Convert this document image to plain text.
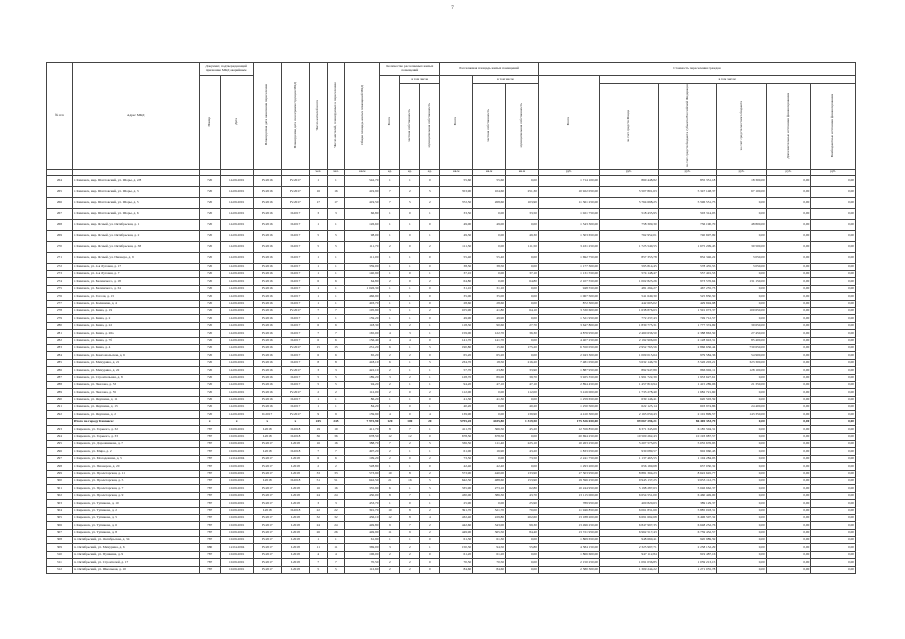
7
№ п/п	Адрес МКД	Документ, подтверждающий признание МКД аварийным		Планируемая дата окончания переселения	Планируемая дата сноса/реконструкции МКД	Число жителей всего	Число жителей, планируемых к переселению	Общая площадь жилых помещений МКД	Количество расселяемых жилых помещений			Расселяемая площадь жилых помещений			Стоимость переселения граждан					
		Номер	Дата						Всего	в том числе		Всего	в том числе		Всего	в том числе:				
										частная собственность	муниципальная собственность		частная собственность	муниципальная собственность		за счет средств Фонда	за счет средств бюджета субъекта Российской Федерации	за счет средств местного бюджета	Дополнительные источники финансирования	Внебюджетные источники финансирования
						чел.	чел.	кв.м	ед.	ед.	ед.	кв.м	кв.м	кв.м	руб.	руб.	руб.	руб.	руб.	руб.
264	г. Кимовск, мкр. Шахтовский, ул. Шоры, д. 2/8	720	14.09.2001	IV.2016	IV.2017	1	1	542,70	1	1	0	55,60	55,60	0,00	1 714 100,00	860 448,82	835 351,18	18 300,00	0,00	0,00
265	г. Кимовск, мкр. Шахтовский, ул. Шоры, д. 3	720	14.09.2001	IV.2016	IV.2017	16	16	419,90	7	2	5	353,90	104,60	251,30	10 922 050,00	5 507 801,63	5 347 148,37	67 100,00	0,00	0,00
266	г. Кимовск, мкр. Шахтовский, ул. Шоры, д. 5	720	14.09.2001	IV.2016	IV.2017	17	17	419,50	7	5	2	372,50	268,60	103,90	11 361 250,00	5 764 698,25	5 596 551,75	0,00	0,00	0,00
267	г. Кимовск, мкр. Шахтовский, ул. Шоры, д. 6	720	14.09.2001	IV.2016	II.2017	3	3	66,80	1	0	1	33,50	0,00	33,50	1 021 750,00	518 435,95	503 314,05	0,00	0,00	0,00
268	г. Кимовск, мкр. Ясный, ул. Октябрьская, д. 1	720	14.09.2001	IV.2016	II.2017	1	1	126,60	1	1	0	49,00	49,00	0,00	1 543 300,00	758 309,30	736 190,70	48 800,00	0,00	0,00
269	г. Кимовск, мкр. Ясный, ул. Октябрьская, д. 2	720	14.09.2001	IV.2016	II.2017	5	5	98,00	1	0	1	49,30	0,00	49,30	1 503 650,00	762 952,01	740 697,99	0,00	0,00	0,00
270	г. Кимовск, мкр. Ясный, ул. Октябрьская, д. 38	720	14.09.2001	IV.2016	II.2017	5	5	111,70	2	0	2	111,50	0,00	111,50	3 431 250,00	1 725 540,55	1 675 209,45	30 500,00	0,00	0,00
271	г. Кимовск, мкр. Ясный, ул. Пионера, д. 9	720	14.09.2001	IV.2016	II.2017	1	1	111,00	1	1	0	55,40	55,40	0,00	1 692 750,00	857 353,78	832 346,22	3 050,00	0,00	0,00
272	г. Кимовск, ул. 4-я Луговая, д. 17	720	14.09.2001	IV.2016	II.2017	1	1	359,00	1	1	0	38,50	38,50	0,00	1 177 300,00	595 814,45	578 435,55	3 050,00	0,00	0,00
273	г. Кимовск, ул. 4-я Луговая, д. 7	720	14.09.2001	IV.2016	II.2017	1	1	140,90	1	0	1	37,10	0,00	37,10	1 131 550,00	574 148,47	557 401,53	0,00	0,00	0,00
274	г. Кимовск, ул. Белинского, д. 18	720	14.09.2001	IV.2016	II.2017	6	6	64,80	2	0	2	64,80	0,00	64,80	2 107 550,00	1 002 823,26	973 576,64	131 150,00	0,00	0,00
275	г. Кимовск, ул. Белинского, д. 34	720	14.09.2001	IV.2016	II.2017	1	1	1 026,30	1	1	0	31,10	31,10	0,00	948 550,00	481 294,27	467 255,73	0,00	0,00	0,00
276	г. Кимовск, ул. Гоголя, д. 13	720	14.09.2001	IV.2016	II.2017	1	1	466,90	1	1	0	35,00	35,00	0,00	1 067 500,00	541 649,30	525 850,50	0,00	0,00	0,00
277	г. Кимовск, ул. Калинина, д. 4	720	14.09.2001	IV.2016	II.2017	1	1	403,70	1	1	0	28,60	28,60	0,00	872 300,00	442 605,02	429 694,98	0,00	0,00	0,00
278	г. Кимовск, ул. Кима, д. 19	720	14.09.2001	IV.2016	IV.2017	7	7	105,90	3	1	2	105,90	41,80	64,10	3 330 600,00	1 638 876,63	1 591 073,37	100 650,00	0,00	0,00
279	г. Кимовск, ул. Кима, д. 2	720	14.09.2001	IV.2016	II.2017	1	1	159,20	1	1	0	49,90	49,90	0,00	1 521 950,00	772 237,43	749 712,57	0,00	0,00	0,00
280	г. Кимовск, ул. Кима, д. 22	720	14.09.2001	IV.2016	II.2017	6	6	118,30	3	2	1	118,30	90,60	27,70	3 647 800,00	1 830 775,31	1 777 374,69	39 650,00	0,00	0,00
281	г. Кимовск, ул. Кима, д. 26а	720	14.09.2001	IV.2016	II.2017	7	7	165,00	4	3	1	159,00	122,70	36,30	4 876 950,00	2 460 636,50	2 388 863,50	27 450,00	0,00	0,00
282	г. Кимовск, ул. Кима, д. 7б	720	14.09.2001	IV.2016	II.2017	6	6	156,40	4	4	0	141,70	141,70	0,00	4 407 250,00	2 192 906,69	2 128 943,31	85 400,00	0,00	0,00
283	г. Кимовск, ул. Кима, д. 4	720	14.09.2001	IV.2016	IV.2017	15	15	231,20	6	1	5	190,80	15,60	175,20	6 550 050,00	2 952 763,56	2 866 636,44	730 650,00	0,00	0,00
284	г. Кимовск, ул. Комсомольская, д. 6	720	14.09.2001	IV.2016	II.2017	6	6	65,20	2	2	0	65,20	65,20	0,00	2 043 300,00	1 009 015,64	979 584,36	54 900,00	0,00	0,00
285	г. Кимовск, ул. Мичурина, д. 21	720	14.09.2001	IV.2016	II.2017	8	8	418,10	6	1	5	234,70	18,50	216,20	7 481 050,00	3 632 146,79	3 526 203,21	323 300,00	0,00	0,00
286	г. Кимовск, ул. Мичурина, д. 22	720	14.09.2001	IV.2016	IV.2017	3	3	422,10	2	1	1	57,70	23,80	33,90	1 887 950,00	892 947,89	866 902,11	128 100,00	0,00	0,00
287	г. Кимовск, ул. Строительная, д. 8	720	14.09.2001	IV.2016	II.2017	5	5	189,20	3	2	1	128,70	89,00	39,70	3 925 350,00	1 991 722,39	1 933 627,61	0,00	0,00	0,00
288	г. Кимовск, ул. Чкалова, д. 53	720	14.09.2001	IV.2016	II.2017	5	5	94,20	2	1	1	94,20	47,10	47,10	2 894 450,00	1 457 810,94	1 415 289,06	21 350,00	0,00	0,00
289	г. Кимовск, ул. Чкалова, д. 55	720	14.09.2001	IV.2016	IV.2017	2	2	112,00	2	0	2	112,00	0,00	112,00	3 416 000,00	1 733 278,40	1 682 721,60	0,00	0,00	0,00
290	г. Кимовск, ул. Якушина, д. 11	720	14.09.2001	IV.2016	II.2017	1	1	86,20	1	1	0	41,30	41,30	0,00	1 259 650,00	639 146,41	620 503,59	0,00	0,00	0,00
291	г. Кимовск, ул. Якушина, д. 13	720	14.09.2001	IV.2016	II.2017	1	1	84,20	1	0	1	40,20	0,00	40,20	1 250 500,00	622 125,14	603 974,86	24 400,00	0,00	0,00
292	г. Кимовск, ул. Якушина, д. 2	720	14.09.2001	II.2017	IV.2017	9	9	139,90	4	0	4	139,90	0,00	139,90	4 410 300,00	2 163 050,43	2 101 899,57	143 350,00	0,00	0,00
	Итого по городу Кимовск:	x	x	x	x	245	245	7 972,90	120	100	20	5755,20	4435,80	1 319,50	175 526 650,00	89 067 296,21	86 469 353,79	0,00	0,00	0,00
293	г. Киреевск, ул. Горького, д. 32	787	10.09.2001	I.2018	II.2018	19	19	411,70	8	7	1	411,70	366,50	45,20	12 556 850,00	6 371 345,69	6 185 504,31	0,00	0,00	0,00
294	г. Киреевск, ул. Горького, д. 33	787	10.09.2001	I.2018	II.2018	36	36	678,50	12	12	0	678,50	678,50	0,00	20 694 250,00	10 500 262,43	10 193 987,57	0,00	0,00	0,00
295	г. Киреевск, ул. Дорожникова, д. 7	787	10.09.2001	IV.2017	I.2018	16	16	388,70	7	2	5	336,50	111,40	225,10	10 263 250,00	5 207 573,05	5 055 676,95	0,00	0,00	0,00
296	г. Киреевск, ул. Мира, д. 2	787	10.09.2001	I.2018	II.2018	7	7	497,20	2	1	1	61,00	16,90	43,20	1 833 050,00	930 089,57	902 960,43	0,00	0,00	0,00
297	г. Киреевск, ул. Молодежная, д. 5	787	12.04.2004	IV.2017	I.2018	6	6	109,20	2	0	2	73,50	0,00	73,50	2 241 750,00	1 137 465,55	1 104 284,05	0,00	0,00	0,00
298	г. Киреевск, ул. Пионеров, д. 20	787	10.09.2001	IV.2017	I.2018	2	2	528,80	1	1	0	42,40	42,40	0,00	1 293 200,00	656 169,68	637 030,32	0,00	0,00	0,00
299	г. Киреевск, ул. Пролетарская, д. 11	787	10.09.2001	IV.2017	I.2018	33	33	573,90	10	8	2	573,90	440,00	133,90	17 503 950,00	8 881 304,23	8 622 645,77	0,00	0,00	0,00
300	г. Киреевск, ул. Пролетарская, д. 5	787	10.09.2001	I.2018	II.2018	51	51	642,50	21	16	5	642,50	488,60	153,90	19 596 250,00	9 943 137,25	9 653 112,75	0,00	0,00	0,00
301	г. Киреевск, ул. Пролетарская, д. 7	787	10.09.2001	IV.2017	I.2018	16	16	335,90	6	1	5	335,90	273,10	62,80	10 244 950,00	5 198 287,63	5 046 662,37	0,00	0,00	0,00
302	г. Киреевск, ул. Пролетарская, д. 9	787	10.09.2001	IV.2017	I.2018	24	24	430,00	8	7	1	430,00	386,30	43,70	13 115 000,00	6 654 551,00	6 460 449,00	0,00	0,00	0,00
303	г. Киреевск, ул. Тупикова, д. 10	787	10.09.2001	IV.2017	I.2018	3	3	433,70	1	0	1	25,90	0,00	25,90	789 950,00	400 820,63	389 129,37	0,00	0,00	0,00
304	г. Киреевск, ул. Тупикова, д. 2	787	10.09.2001	I.2018	II.2018	22	22	391,70	10	8	2	391,70	321,70	70,00	11 946 850,00	6 061 831,69	5 885 018,31	0,00	0,00	0,00
305	г. Киреевск, ул. Тупикова, д. 5	787	10.09.2001	IV.2017	I.2018	32	32	436,10	12	8	4	432,40	229,80	202,60	13 188 200,00	6 691 692,68	6 496 507,32	0,00	0,00	0,00
306	г. Киреевск, ул. Тупикова, д. 6	787	10.09.2001	IV.2017	I.2018	24	24	449,80	9	7	2	442,60	343,00	99,30	13 496 250,00	6 847 997,35	6 648 252,76	0,00	0,00	0,00
307	г. Киреевск, ул. Тупикова, д. 8	787	10.09.2001	IV.2017	I.2018	26	26	449,90	11	9	2	449,90	365,50	84,40	13 721 950,00	6 962 517,43	6 759 432,57	0,00	0,00	0,00
308	п. Октябрьский, ул. Октябрьская, д. 34	787	10.09.2001	IV.2017	I.2018	1	1	61,90	1	1	0	61,30	61,30	0,00	1 869 650,00	948 660,41	920 989,59	0,00	0,00	0,00
309	п. Октябрьский, ул. Мичурина, д. 6	980	12.04.2004	IV.2017	I.2018	11	11	369,00	3	2	1	150,30	94,50	55,80	4 584 150,00	2 325 997,71	2 258 152,29	0,00	0,00	0,00
310	п. Октябрьский, ул. Пушкина, д. 9	787	10.09.2001	IV.2017	I.2018	4	4	106,00	2	2	0	61,20	61,20	0,00	1 866 600,00	947 112,84	919 487,16	0,00	0,00	0,00
311	п. Октябрьский, ул. Строителей, д. 17	787	10.09.2001	IV.2017	I.2018	7	7	70,50	2	2	0	70,50	70,50	0,00	2 150 250,00	1 091 036,85	1 059 213,15	0,00	0,00	0,00
312	п. Октябрьский, ул. Школьная, д. 10	787	10.09.2001	IV.2017	I.2018	5	5	112,60	2	2	0	84,60	84,60	0,00	2 580 300,00	1 309 244,22	1 271 055,78	0,00	0,00	0,00
